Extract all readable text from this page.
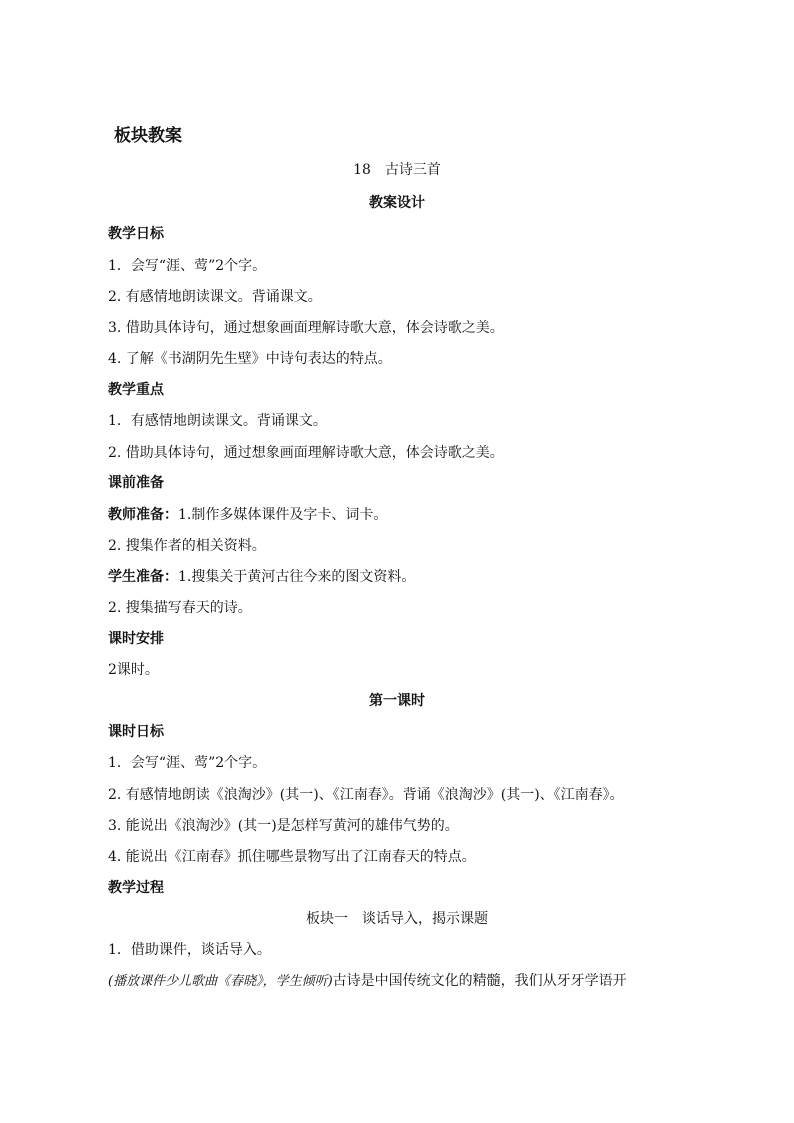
板块教案
18　古诗三首
教案设计
教学日标
1．会写“涯、莺”2个字。
2. 有感情地朗读课文。背诵课文。
3. 借助具体诗句，通过想象画面理解诗歌大意，体会诗歌之美。
4. 了解《书湖阴先生壁》中诗句表达的特点。
教学重点
1．有感情地朗读课文。背诵课文。
2. 借助具体诗句，通过想象画面理解诗歌大意，体会诗歌之美。
课前准备
教师准备：1.制作多媒体课件及字卡、词卡。
2. 搜集作者的相关资料。
学生准备：1.搜集关于黄河古往今来的图文资料。
2. 搜集描写春天的诗。
课时安排
2课时。
第一课时
课时日标
1．会写“涯、莺”2个字。
2. 有感情地朗读《浪淘沙》(其一)、《江南春》。背诵《浪淘沙》(其一)、《江南春》。
3. 能说出《浪淘沙》(其一)是怎样写黄河的雄伟气势的。
4. 能说出《江南春》抓住哪些景物写出了江南春天的特点。
教学过程
板块一　谈话导入，揭示课题
1．借助课件，谈话导入。
(播放课件少儿歌曲《春晓》，学生倾听)古诗是中国传统文化的精髓，我们从牙牙学语开
